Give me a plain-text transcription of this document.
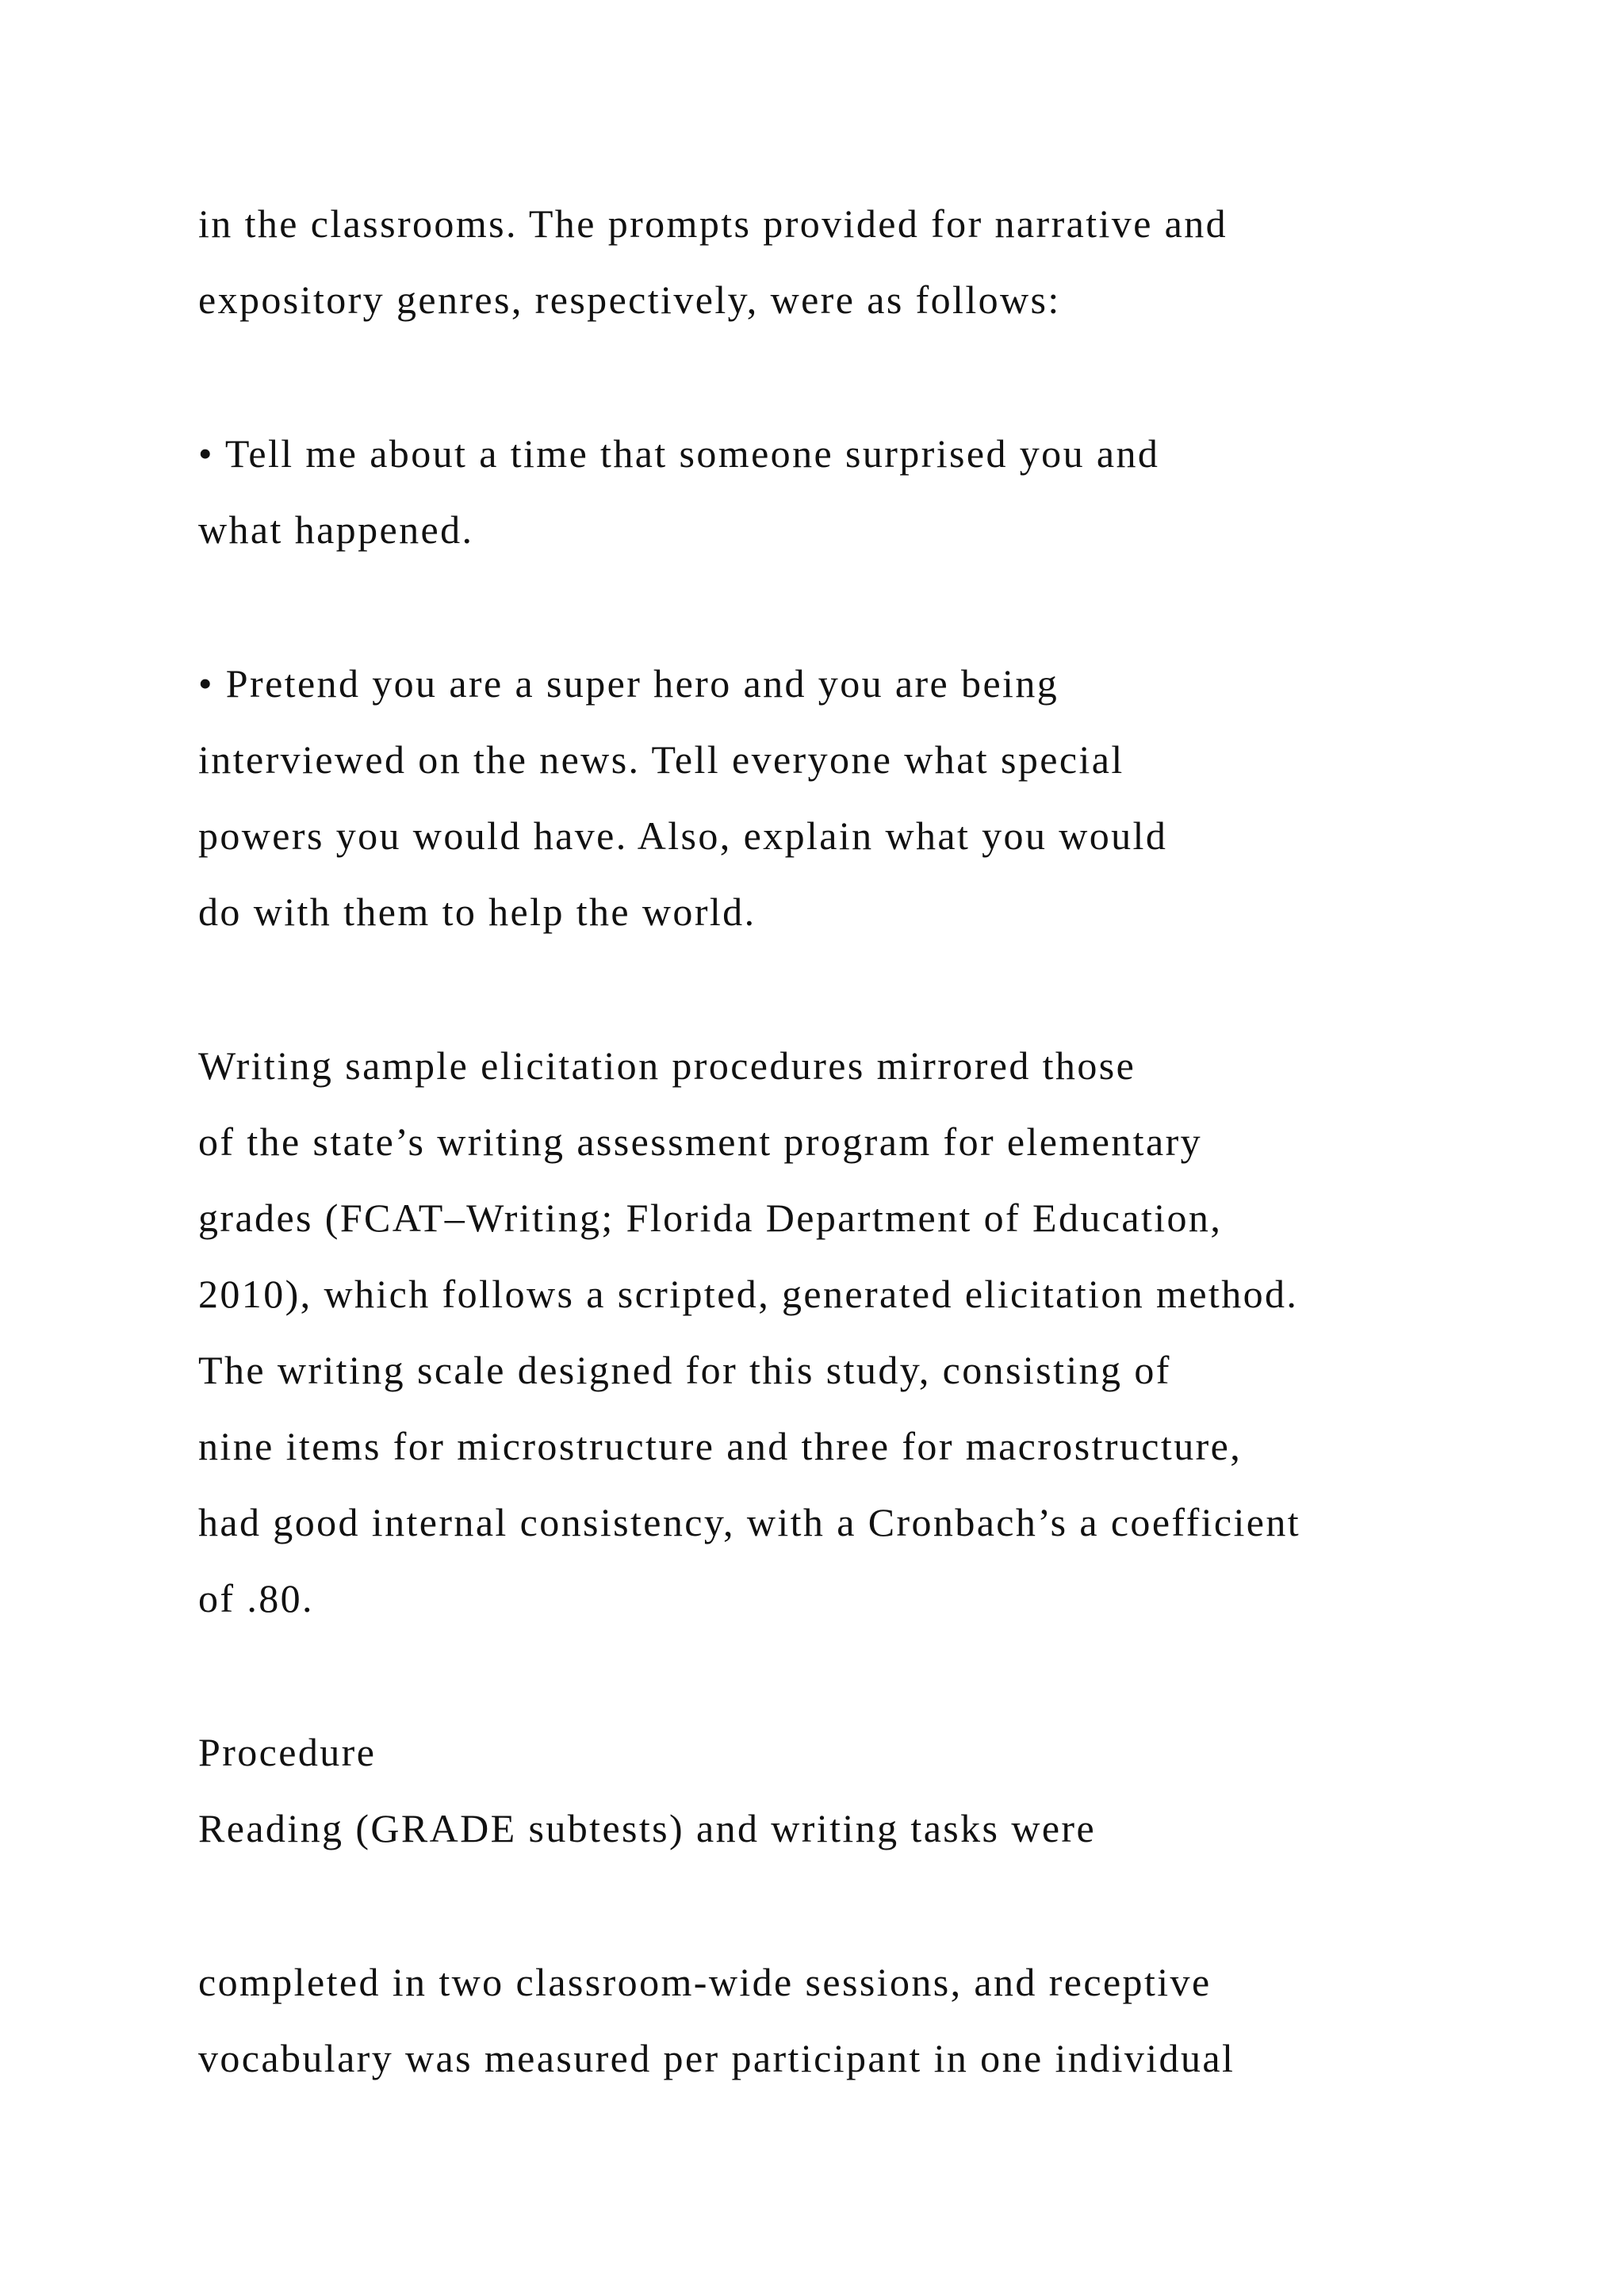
in the classrooms. The prompts provided for narrative and

expository genres, respectively, were as follows:

• Tell me about a time that someone surprised you and

what happened.

• Pretend you are a super hero and you are being

interviewed on the news. Tell everyone what special

powers you would have. Also, explain what you would

do with them to help the world.

Writing sample elicitation procedures mirrored those

of the state’s writing assessment program for elementary

grades (FCAT–Writing; Florida Department of Education,

2010), which follows a scripted, generated elicitation method.

The writing scale designed for this study, consisting of

nine items for microstructure and three for macrostructure,

had good internal consistency, with a Cronbach’s a coefficient

of .80.

Procedure

Reading (GRADE subtests) and writing tasks were

completed in two classroom-wide sessions, and receptive

vocabulary was measured per participant in one individual
